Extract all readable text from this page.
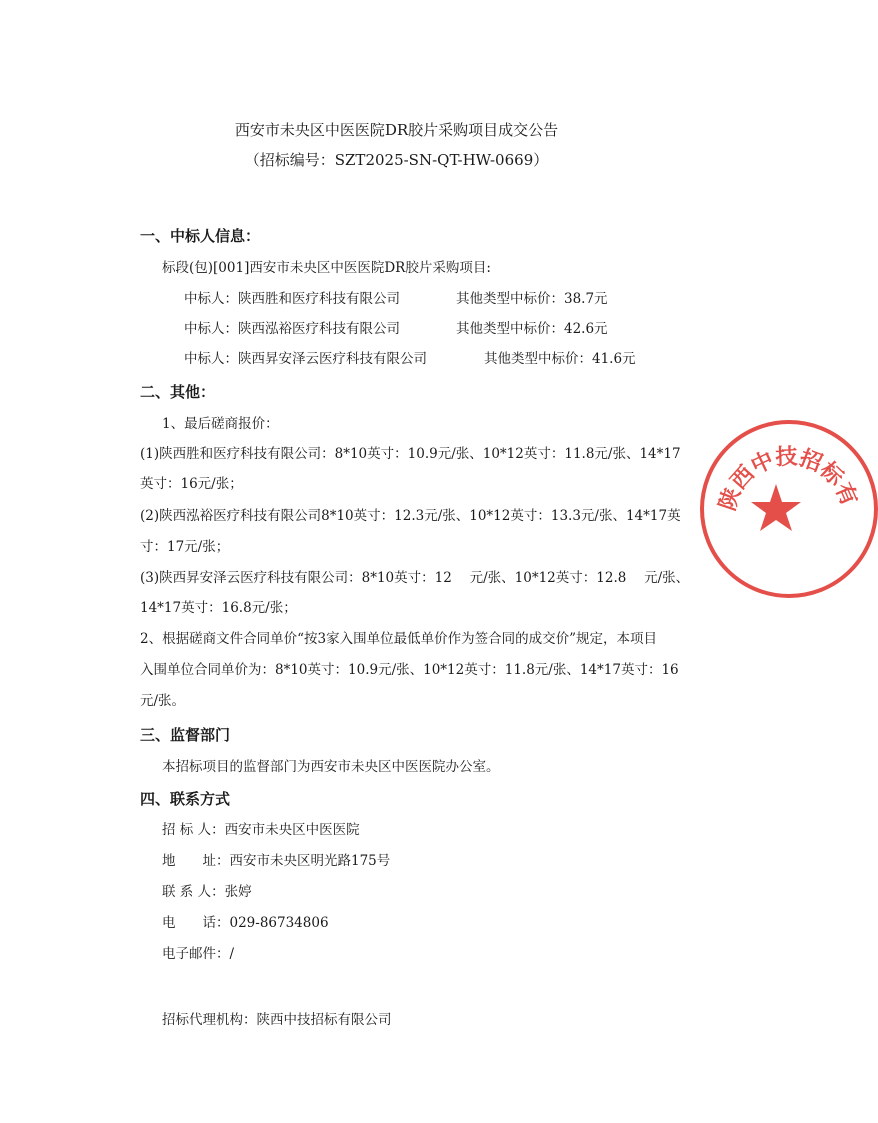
西安市未央区中医医院DR胶片采购项目成交公告
（招标编号：SZT2025-SN-QT-HW-0669）
一、中标人信息：
标段(包)[001]西安市未央区中医医院DR胶片采购项目:
中标人：陕西胜和医疗科技有限公司	其他类型中标价：38.7元
中标人：陕西泓裕医疗科技有限公司	其他类型中标价：42.6元
中标人：陕西昇安泽云医疗科技有限公司	其他类型中标价：41.6元
二、其他：
1、最后磋商报价：
(1)陕西胜和医疗科技有限公司：8*10英寸：10.9元/张、10*12英寸：11.8元/张、14*17
英寸：16元/张；
(2)陕西泓裕医疗科技有限公司8*10英寸：12.3元/张、10*12英寸：13.3元/张、14*17英
寸：17元/张；
(3)陕西昇安泽云医疗科技有限公司：8*10英寸：12　 元/张、10*12英寸：12.8　 元/张、
14*17英寸：16.8元/张；
2、根据磋商文件合同单价“按3家入围单位最低单价作为签合同的成交价”规定，本项目
入围单位合同单价为：8*10英寸：10.9元/张、10*12英寸：11.8元/张、14*17英寸：16
元/张。
三、监督部门
本招标项目的监督部门为西安市未央区中医医院办公室。
四、联系方式
招 标 人：西安市未央区中医医院
地　　址：西安市未央区明光路175号
联 系 人：张婷
电　　话：029-86734806
电子邮件：/
招标代理机构：陕西中技招标有限公司
陕西中技招标有
